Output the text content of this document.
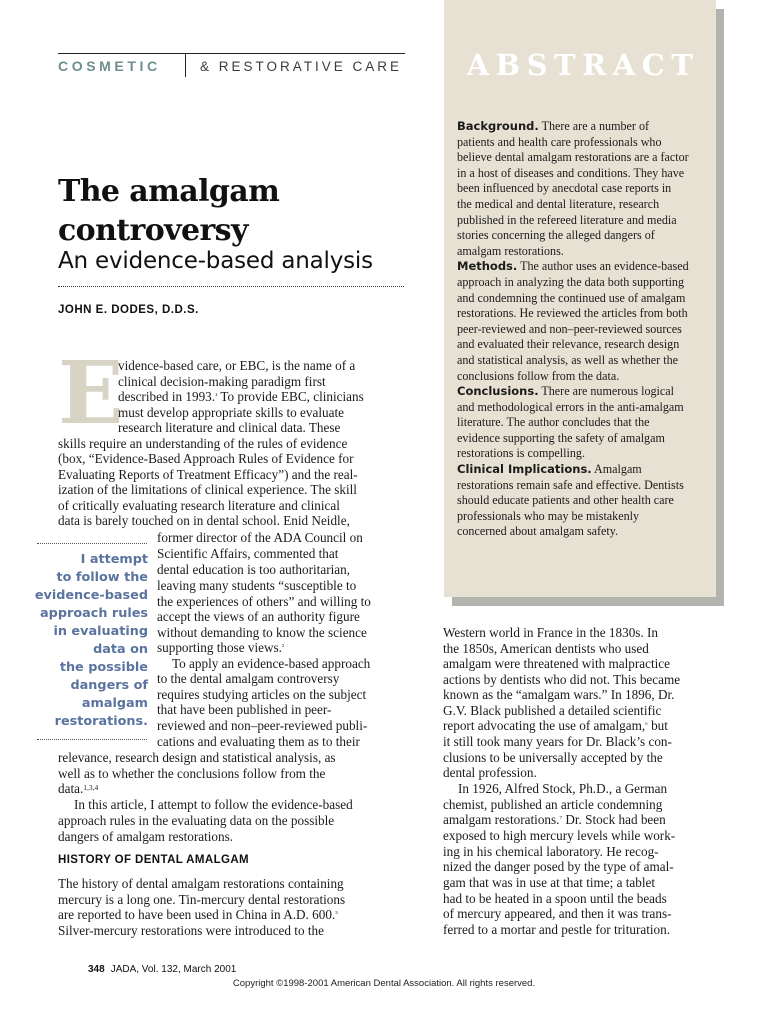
COSMETIC	& RESTORATIVE CARE
The amalgam
controversy
An evidence-based analysis
JOHN E. DODES, D.D.S.
ABSTRACT

Background. There are a number of patients and health care professionals who believe dental amalgam restorations are a factor in a host of diseases and conditions. They have been influenced by anecdotal case reports in the medical and dental literature, research published in the refereed literature and media stories concerning the alleged dangers of amalgam restorations.

Methods. The author uses an evidence-based approach in analyzing the data both supporting and condemning the continued use of amalgam restorations. He reviewed the articles from both peer-reviewed and non–peer-reviewed sources and evaluated their relevance, research design and statistical analysis, as well as whether the conclusions follow from the data.

Conclusions. There are numerous logical and methodological errors in the anti-amalgam literature. The author concludes that the evidence supporting the safety of amalgam restorations is compelling.

Clinical Implications. Amalgam restorations remain safe and effective. Dentists should educate patients and other health care professionals who may be mistakenly concerned about amalgam safety.

E
vidence-based care, or EBC, is the name of a
clinical decision-making paradigm first
described in 1993.$^{^1}$ To provide EBC, clinicians
must develop appropriate skills to evaluate
research literature and clinical data. These
skills require an understanding of the rules of evidence
(box, “Evidence-Based Approach Rules of Evidence for
Evaluating Reports of Treatment Efficacy”) and the real-
ization of the limitations of clinical experience. The skill
of critically evaluating research literature and clinical
data is barely touched on in dental school. Enid Neidle,
former director of the ADA Council on
Scientific Affairs, commented that
dental education is too authoritarian,
leaving many students “susceptible to
the experiences of others” and willing to
accept the views of an authority figure
without demanding to know the science
supporting those views.$^{^2}$
To apply an evidence-based approach
to the dental amalgam controversy
requires studying articles on the subject
that have been published in peer-
reviewed and non–peer-reviewed publi-
cations and evaluating them as to their
relevance, research design and statistical analysis, as
well as to whether the conclusions follow from the
data.$^{1,3,4}$
In this article, I attempt to follow the evidence-based
approach rules in the evaluating data on the possible
dangers of amalgam restorations.
The history of dental amalgam restorations containing
mercury is a long one. Tin-mercury dental restorations
are reported to have been used in China in A.D. 600.$^{^5}$
Silver-mercury restorations were introduced to the
I attempt
to follow the
evidence-based
approach rules
in evaluating
data on
the possible
dangers of
amalgam
restorations.
HISTORY OF DENTAL AMALGAM
Western world in France in the 1830s. In
the 1850s, American dentists who used
amalgam were threatened with malpractice
actions by dentists who did not. This became
known as the “amalgam wars.” In 1896, Dr.
G.V. Black published a detailed scientific
report advocating the use of amalgam,$^{^6}$ but
it still took many years for Dr. Black’s con-
clusions to be universally accepted by the
dental profession.
In 1926, Alfred Stock, Ph.D., a German
chemist, published an article condemning
amalgam restorations.$^{^7}$ Dr. Stock had been
exposed to high mercury levels while work-
ing in his chemical laboratory. He recog-
nized the danger posed by the type of amal-
gam that was in use at that time; a tablet
had to be heated in a spoon until the beads
of mercury appeared, and then it was trans-
ferred to a mortar and pestle for trituration.
348 JADA, Vol. 132, March 2001
Copyright ©1998-2001 American Dental Association. All rights reserved.
